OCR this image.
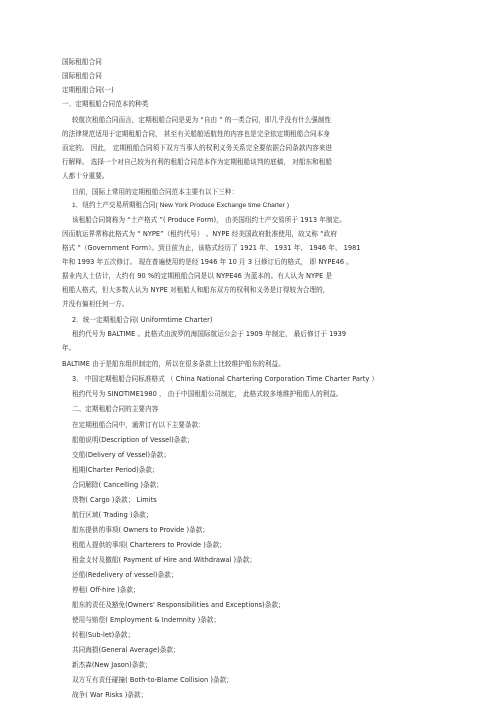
国际租船合同
国际租船合同
定期租船合同(一)
一、定期租船合同范本的种类
较航次租船合同而言，定期租船合同是更为 “自由 ” 的一类合同，即几乎没有什么强制性
的法律规范适用于定期租船合同， 甚至有关船舶适航性的内容也是完全依定期租船合同本身
而定的。 因此， 定期租船合同须下双方当事人的权利义务关系完全要依据合同条款内容来进
行解释。 选择一个对自己较为有利的租船合同范本作为定期租船谈判的底稿， 对船东和租船
人都十分重要。
目前，国际上常用的定期租船合同范本主要有以下三种：
1．纽约土产交易所期租合同( New York Produce Exchange time Charter )
该租船合同简称为 “土产格式 ”( Produce Form)， 由美国纽约土产交易所于 1913 年制定。
因而航运界常称此格式为 “ NYPE”（租约代号） 。NYPE 经美国政府批准使用，故又称 “政府
格式 ”（Government Form）。到目前为止，该格式经历了 1921 年、 1931 年、 1946 年、 1981
年和 1993 年五次修订。 现在普遍使用的是经 1946 年 10 月 3 日修订后的格式， 即 NYPE46 。
据业内人士估计，大约有 90 %的定期租船合同是以 NYPE46 为蓝本的。有人认为 NYPE 是
租船人格式，但大多数人认为 NYPE 对租船人和船东双方的权利和义务是订得较为合理的，
并没有偏袒任何一方。
2．统一定期租船合同( Uniformtime Charter)
租约代号为 BALTIME 。此格式由波罗的海国际航运公会于 1909 年制定， 最后修订于 1939
年。
BALTIME 由于是船东组织制定的，所以在很多条款上比较维护船东的利益。
3． 中国定期租船合同标准格式 （ China National Chartering Corporation Time Charter Party ）
租约代号为 SINOTIME1980 ， 由于中国租船公司制定， 此格式较多地维护租船人的利益。
二、定期租船合同的主要内容
在定期租船合同中，通常订有以下主要条款：
船舶说明(Description of Vessel)条款；
交船(Delivery of Vessel)条款；
租期(Charter Period)条款；
合同解除( Cancelling )条款；
货物( Cargo )条款； Limits
航行区域( Trading )条款；
船东提供的事项( Owners to Provide )条款；
租船人提供的事项( Charterers to Provide )条款；
租金支付及撤船( Payment of Hire and Withdrawal )条款；
还船(Redelivery of vessel)条款；
停租( Off-hire )条款；
船东的责任及豁免(Owners' Responsibilities and Exceptions)条款；
使用与赔偿( Employment & Indemnity )条款；
转租(Sub-let)条款；
共同海损(General Average)条款；
新杰森(New Jason)条款；
双方互有责任碰撞( Both-to-Blame Collision )条款；
战争( War Risks )条款；
